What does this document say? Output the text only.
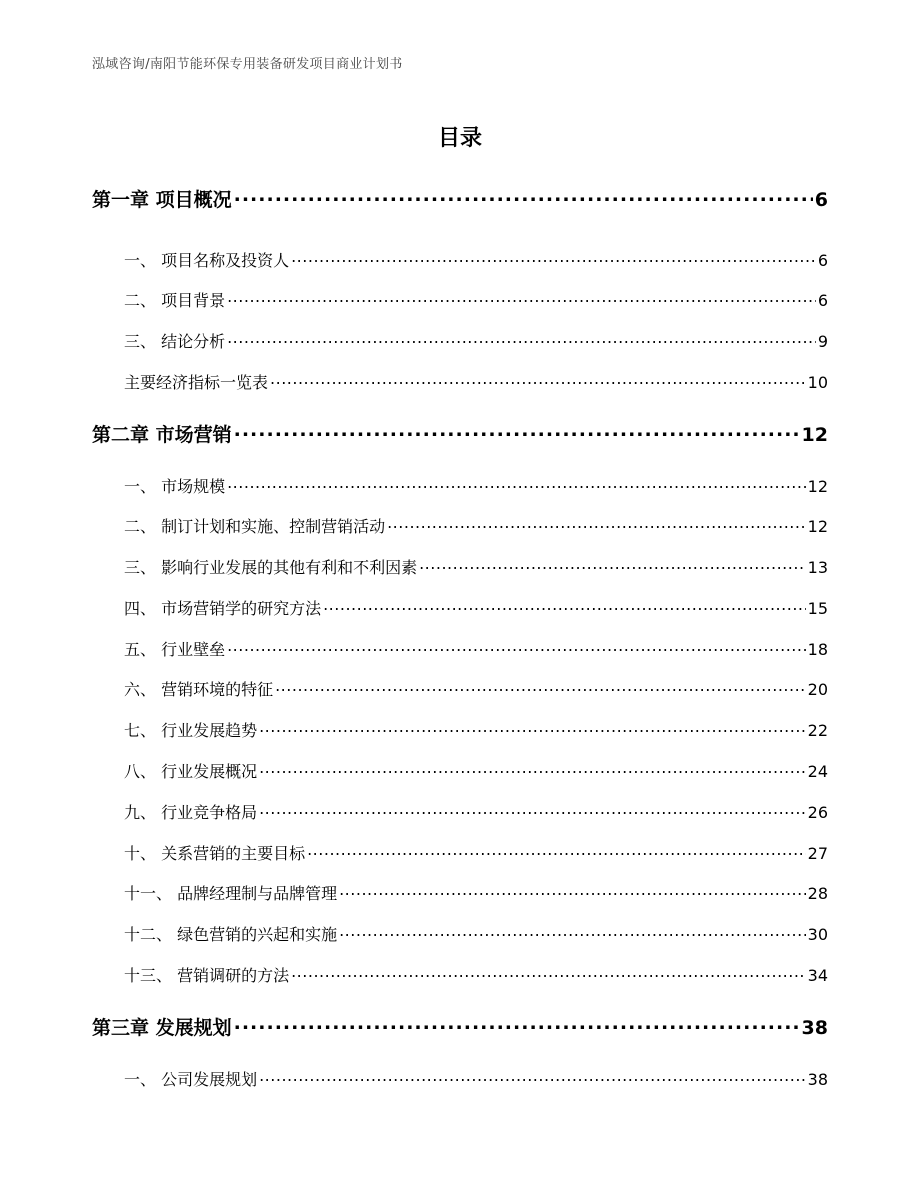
泓域咨询/南阳节能环保专用装备研发项目商业计划书
目录
第一章 项目概况 .....	6
一、 项目名称及投资人 .....	6
二、 项目背景 .....	6
三、 结论分析 .....	9
主要经济指标一览表 .....	10
第二章 市场营销 .....	12
一、 市场规模 .....	12
二、 制订计划和实施、控制营销活动 .....	12
三、 影响行业发展的其他有利和不利因素 .....	13
四、 市场营销学的研究方法 .....	15
五、 行业壁垒 .....	18
六、 营销环境的特征 .....	20
七、 行业发展趋势 .....	22
八、 行业发展概况 .....	24
九、 行业竞争格局 .....	26
十、 关系营销的主要目标 .....	27
十一、 品牌经理制与品牌管理 .....	28
十二、 绿色营销的兴起和实施 .....	30
十三、 营销调研的方法 .....	34
第三章 发展规划 .....	38
一、 公司发展规划 .....	38
